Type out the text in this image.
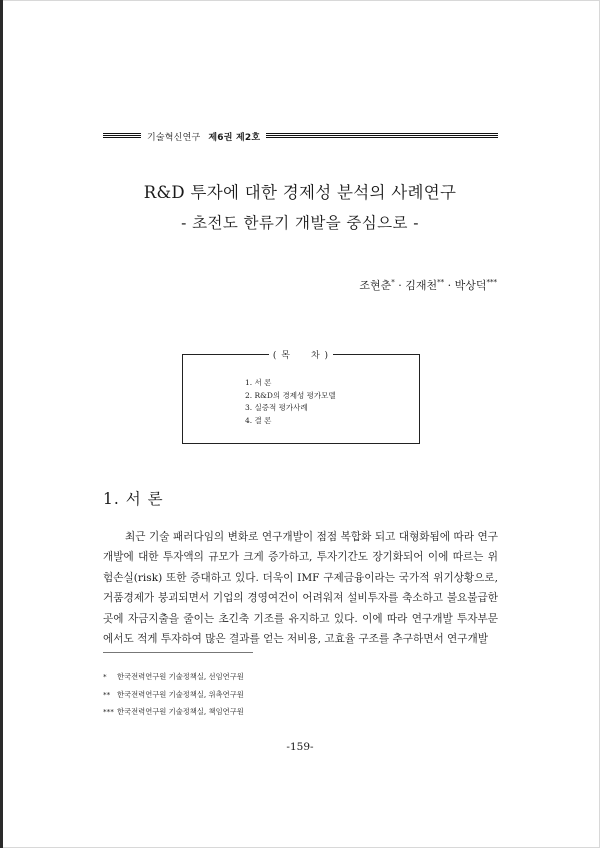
기술혁신연구 제6권 제2호
R&D 투자에 대한 경제성 분석의 사례연구
- 초전도 한류기 개발을 중심으로 -
조현춘* · 김재천** · 박상덕***
( 목　　차 )
1. 서 론
2. R&D의 경제성 평가모델
3. 실증적 평가사례
4. 결 론
1. 서 론

최근 기술 패러다임의 변화로 연구개발이 점점 복합화 되고 대형화됨에 따라 연구개발에 대한 투자액의 규모가 크게 증가하고, 투자기간도 장기화되어 이에 따르는 위험손실(risk) 또한 증대하고 있다. 더욱이 IMF 구제금융이라는 국가적 위기상황으로, 거품경제가 붕괴되면서 기업의 경영여건이 어려워져 설비투자를 축소하고 불요불급한 곳에 자금지출을 줄이는 초긴축 기조를 유지하고 있다. 이에 따라 연구개발 투자부문에서도 적게 투자하여 많은 결과를 얻는 저비용, 고효율 구조를 추구하면서 연구개발

* 한국전력연구원 기술정책실, 선임연구원
** 한국전력연구원 기술정책실, 위촉연구원
*** 한국전력연구원 기술정책실, 책임연구원
-159-
